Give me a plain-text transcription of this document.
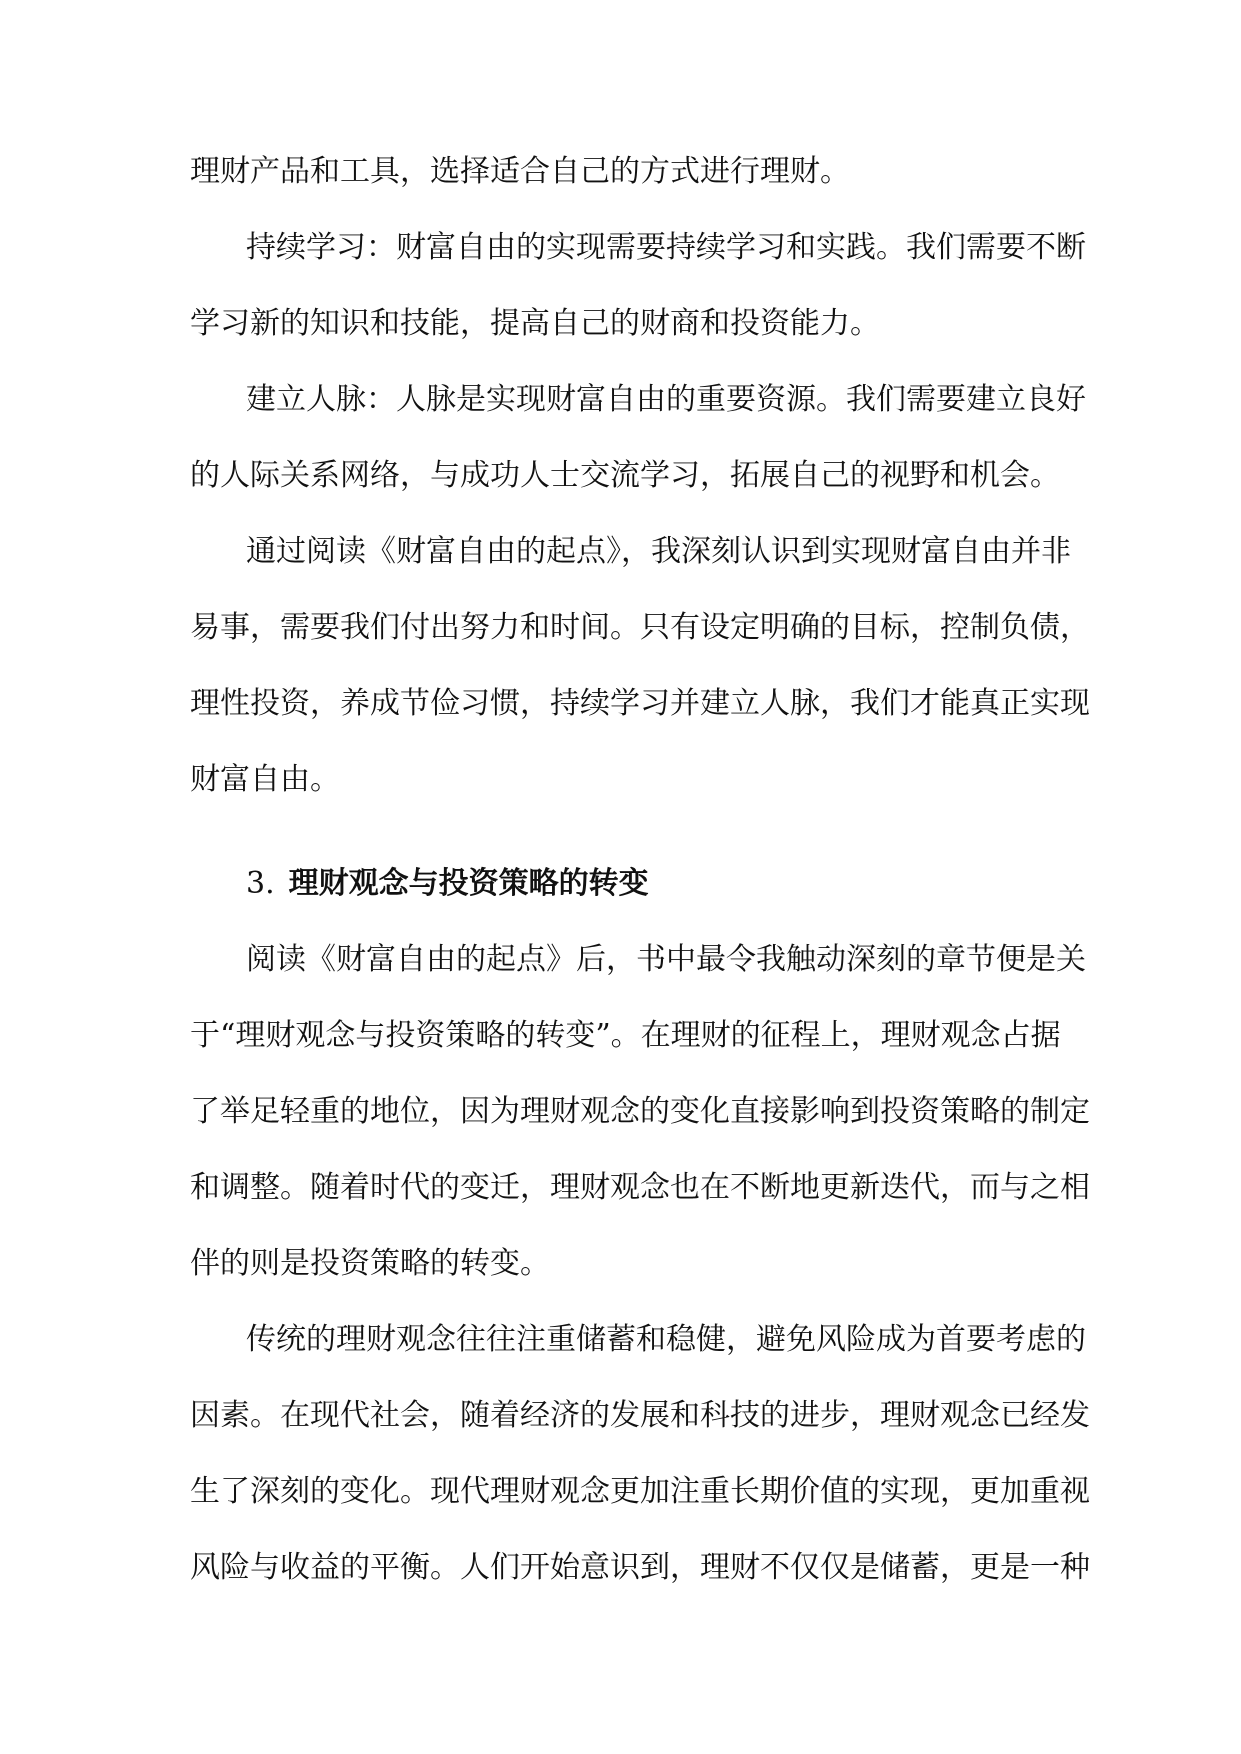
理财产品和工具，选择适合自己的方式进行理财。
持续学习：财富自由的实现需要持续学习和实践。我们需要不断
学习新的知识和技能，提高自己的财商和投资能力。
建立人脉：人脉是实现财富自由的重要资源。我们需要建立良好
的人际关系网络，与成功人士交流学习，拓展自己的视野和机会。
通过阅读《财富自由的起点》，我深刻认识到实现财富自由并非
易事，需要我们付出努力和时间。只有设定明确的目标，控制负债，
理性投资，养成节俭习惯，持续学习并建立人脉，我们才能真正实现
财富自由。
3. 理财观念与投资策略的转变
阅读《财富自由的起点》后，书中最令我触动深刻的章节便是关
于“理财观念与投资策略的转变”。在理财的征程上，理财观念占据
了举足轻重的地位，因为理财观念的变化直接影响到投资策略的制定
和调整。随着时代的变迁，理财观念也在不断地更新迭代，而与之相
伴的则是投资策略的转变。
传统的理财观念往往注重储蓄和稳健，避免风险成为首要考虑的
因素。在现代社会，随着经济的发展和科技的进步，理财观念已经发
生了深刻的变化。现代理财观念更加注重长期价值的实现，更加重视
风险与收益的平衡。人们开始意识到，理财不仅仅是储蓄，更是一种
